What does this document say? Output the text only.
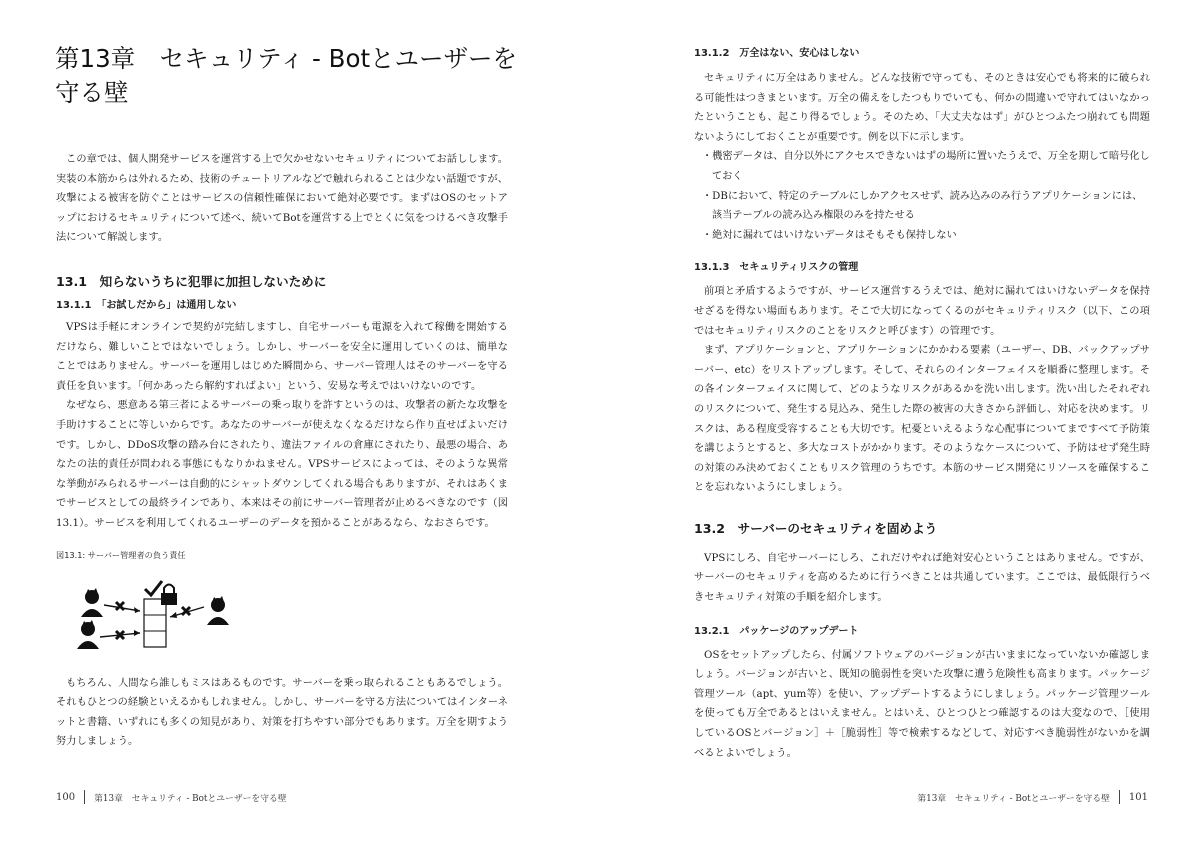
第13章　セキュリティ - Botとユーザーを守る壁

この章では、個人開発サービスを運営する上で欠かせないセキュリティについてお話しします。実装の本筋からは外れるため、技術のチュートリアルなどで触れられることは少ない話題ですが、攻撃による被害を防ぐことはサービスの信頼性確保において絶対必要です。まずはOSのセットアップにおけるセキュリティについて述べ、続いてBotを運営する上でとくに気をつけるべき攻撃手法について解説します。

13.1　知らないうちに犯罪に加担しないために
13.1.1　「お試しだから」は通用しない

VPSは手軽にオンラインで契約が完結しますし、自宅サーバーも電源を入れて稼働を開始するだけなら、難しいことではないでしょう。しかし、サーバーを安全に運用していくのは、簡単なことではありません。サーバーを運用しはじめた瞬間から、サーバー管理人はそのサーバーを守る責任を負います。「何かあったら解約すればよい」という、安易な考えではいけないのです。

なぜなら、悪意ある第三者によるサーバーの乗っ取りを許すというのは、攻撃者の新たな攻撃を手助けすることに等しいからです。あなたのサーバーが使えなくなるだけなら作り直せばよいだけです。しかし、DDoS攻撃の踏み台にされたり、違法ファイルの倉庫にされたり、最悪の場合、あなたの法的責任が問われる事態にもなりかねません。VPSサービスによっては、そのような異常な挙動がみられるサーバーは自動的にシャットダウンしてくれる場合もありますが、それはあくまでサービスとしての最終ラインであり、本来はその前にサーバー管理者が止めるべきなのです（図13.1）。サービスを利用してくれるユーザーのデータを預かることがあるなら、なおさらです。

図13.1: サーバー管理者の負う責任

もちろん、人間なら誰しもミスはあるものです。サーバーを乗っ取られることもあるでしょう。それもひとつの経験といえるかもしれません。しかし、サーバーを守る方法についてはインターネットと書籍、いずれにも多くの知見があり、対策を打ちやすい部分でもあります。万全を期すよう努力しましょう。

100 第13章　セキュリティ - Botとユーザーを守る壁
13.1.2　万全はない、安心はしない

セキュリティに万全はありません。どんな技術で守っても、そのときは安心でも将来的に破られる可能性はつきまといます。万全の備えをしたつもりでいても、何かの間違いで守れてはいなかったということも、起こり得るでしょう。そのため、「大丈夫なはず」がひとつふたつ崩れても問題ないようにしておくことが重要です。例を以下に示します。

・機密データは、自分以外にアクセスできないはずの場所に置いたうえで、万全を期して暗号化しておく
・DBにおいて、特定のテーブルにしかアクセスせず、読み込みのみ行うアプリケーションには、該当テーブルの読み込み権限のみを持たせる
・絶対に漏れてはいけないデータはそもそも保持しない
13.1.3　セキュリティリスクの管理

前項と矛盾するようですが、サービス運営するうえでは、絶対に漏れてはいけないデータを保持せざるを得ない場面もあります。そこで大切になってくるのがセキュリティリスク（以下、この項ではセキュリティリスクのことをリスクと呼びます）の管理です。

まず、アプリケーションと、アプリケーションにかかわる要素（ユーザー、DB、バックアップサーバー、etc）をリストアップします。そして、それらのインターフェイスを順番に整理します。その各インターフェイスに関して、どのようなリスクがあるかを洗い出します。洗い出したそれぞれのリスクについて、発生する見込み、発生した際の被害の大きさから評価し、対応を決めます。リスクは、ある程度受容することも大切です。杞憂といえるような心配事についてまですべて予防策を講じようとすると、多大なコストがかかります。そのようなケースについて、予防はせず発生時の対策のみ決めておくこともリスク管理のうちです。本筋のサービス開発にリソースを確保することを忘れないようにしましょう。

13.2　サーバーのセキュリティを固めよう

VPSにしろ、自宅サーバーにしろ、これだけやれば絶対安心ということはありません。ですが、サーバーのセキュリティを高めるために行うべきことは共通しています。ここでは、最低限行うべきセキュリティ対策の手順を紹介します。

13.2.1　パッケージのアップデート

OSをセットアップしたら、付属ソフトウェアのバージョンが古いままになっていないか確認しましょう。バージョンが古いと、既知の脆弱性を突いた攻撃に遭う危険性も高まります。パッケージ管理ツール（apt、yum等）を使い、アップデートするようにしましょう。パッケージ管理ツールを使っても万全であるとはいえません。とはいえ、ひとつひとつ確認するのは大変なので、［使用しているOSとバージョン］＋［脆弱性］等で検索するなどして、対応すべき脆弱性がないかを調べるとよいでしょう。

第13章　セキュリティ - Botとユーザーを守る壁 101
